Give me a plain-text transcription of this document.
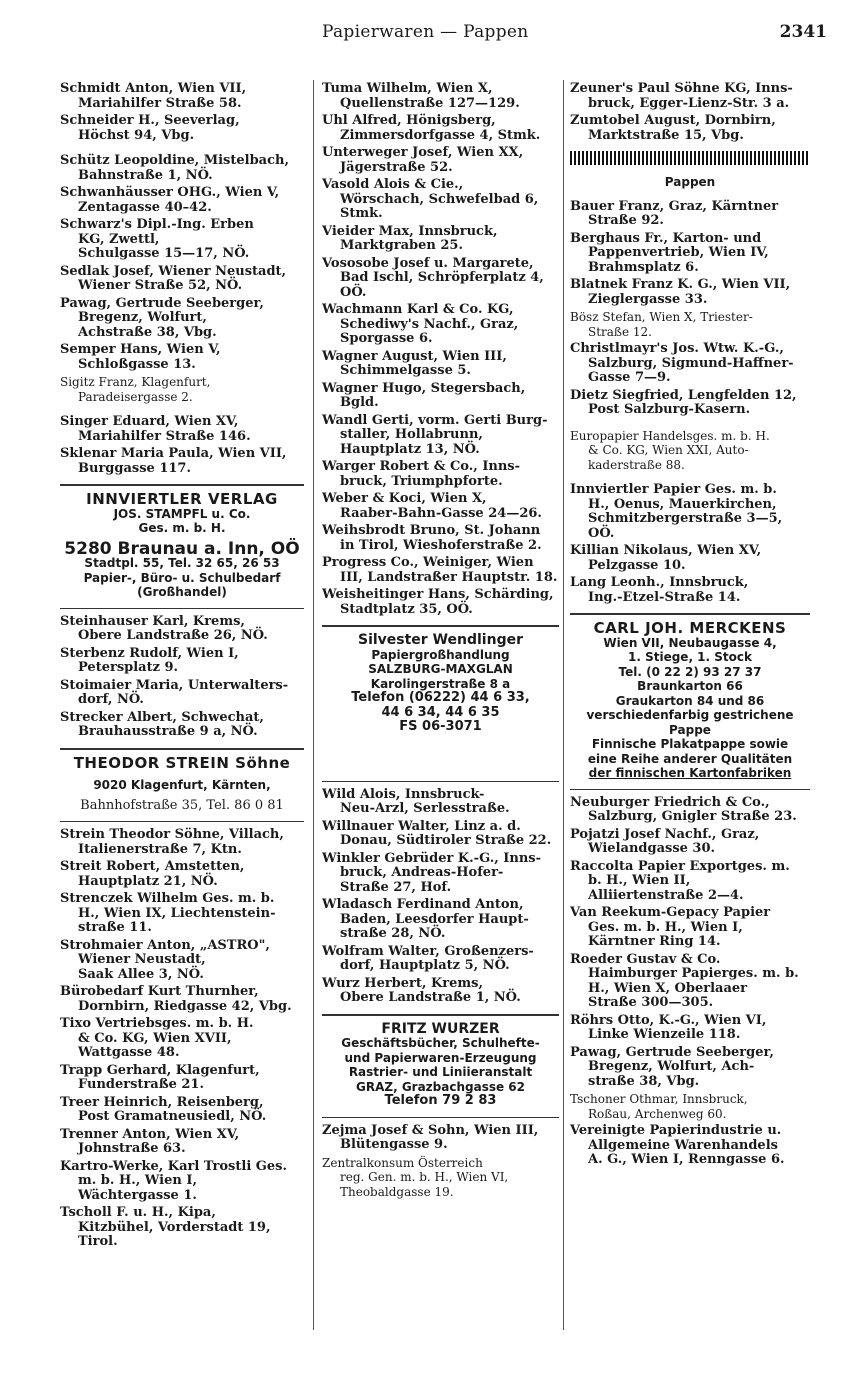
Papierwaren — Pappen	2341
Schmidt Anton, Wien VII,
Mariahilfer Straße 58.
Schneider H., Seeverlag,
Höchst 94, Vbg.
Schütz Leopoldine, Mistelbach,
Bahnstraße 1, NÖ.
Schwanhäusser OHG., Wien V,
Zentagasse 40–42.
Schwarz's Dipl.-Ing. Erben
KG, Zwettl,
Schulgasse 15—17, NÖ.
Sedlak Josef, Wiener Neustadt,
Wiener Straße 52, NÖ.
Pawag, Gertrude Seeberger,
Bregenz, Wolfurt,
Achstraße 38, Vbg.
Semper Hans, Wien V,
Schloßgasse 13.
Sigitz Franz, Klagenfurt,
Paradeisergasse 2.
Singer Eduard, Wien XV,
Mariahilfer Straße 146.
Sklenar Maria Paula, Wien VII,
Burggasse 117.
INNVIERTLER VERLAG
JOS. STAMPFL u. Co.
Ges. m. b. H.
5280 Braunau a. Inn, OÖ
Stadtpl. 55, Tel. 32 65, 26 53
Papier-, Büro- u. Schulbedarf
(Großhandel)
Steinhauser Karl, Krems,
Obere Landstraße 26, NÖ.
Sterbenz Rudolf, Wien I,
Petersplatz 9.
Stoimaier Maria, Unterwalters-
dorf, NÖ.
Strecker Albert, Schwechat,
Brauhausstraße 9 a, NÖ.
THEODOR STREIN Söhne
9020 Klagenfurt, Kärnten,
Bahnhofstraße 35, Tel. 86 0 81
Strein Theodor Söhne, Villach,
Italienerstraße 7, Ktn.
Streit Robert, Amstetten,
Hauptplatz 21, NÖ.
Strenczek Wilhelm Ges. m. b.
H., Wien IX, Liechtenstein-
straße 11.
Strohmaier Anton, „ASTRO",
Wiener Neustadt,
Saak Allee 3, NÖ.
Bürobedarf Kurt Thurnher,
Dornbirn, Riedgasse 42, Vbg.
Tixo Vertriebsges. m. b. H.
& Co. KG, Wien XVII,
Wattgasse 48.
Trapp Gerhard, Klagenfurt,
Funderstraße 21.
Treer Heinrich, Reisenberg,
Post Gramatneusiedl, NÖ.
Trenner Anton, Wien XV,
Johnstraße 63.
Kartro-Werke, Karl Trostli Ges.
m. b. H., Wien I,
Wächtergasse 1.
Tscholl F. u. H., Kipa,
Kitzbühel, Vorderstadt 19,
Tirol.
Tuma Wilhelm, Wien X,
Quellenstraße 127—129.
Uhl Alfred, Hönigsberg,
Zimmersdorfgasse 4, Stmk.
Unterweger Josef, Wien XX,
Jägerstraße 52.
Vasold Alois & Cie.,
Wörschach, Schwefelbad 6,
Stmk.
Vieider Max, Innsbruck,
Marktgraben 25.
Vososobe Josef u. Margarete,
Bad Ischl, Schröpferplatz 4,
OÖ.
Wachmann Karl & Co. KG,
Schediwy's Nachf., Graz,
Sporgasse 6.
Wagner August, Wien III,
Schimmelgasse 5.
Wagner Hugo, Stegersbach,
Bgld.
Wandl Gerti, vorm. Gerti Burg-
staller, Hollabrunn,
Hauptplatz 13, NÖ.
Warger Robert & Co., Inns-
bruck, Triumphpforte.
Weber & Koci, Wien X,
Raaber-Bahn-Gasse 24—26.
Weihsbrodt Bruno, St. Johann
in Tirol, Wieshoferstraße 2.
Progress Co., Weiniger, Wien
III, Landstraßer Hauptstr. 18.
Weisheitinger Hans, Schärding,
Stadtplatz 35, OÖ.
Silvester Wendlinger
Papiergroßhandlung
SALZBURG-MAXGLAN
Karolingerstraße 8 a
Telefon (06222) 44 6 33,
44 6 34, 44 6 35
FS 06-3071
Wild Alois, Innsbruck-
Neu-Arzl, Serlesstraße.
Willnauer Walter, Linz a. d.
Donau, Südtiroler Straße 22.
Winkler Gebrüder K.-G., Inns-
bruck, Andreas-Hofer-
Straße 27, Hof.
Wladasch Ferdinand Anton,
Baden, Leesdorfer Haupt-
straße 28, NÖ.
Wolfram Walter, Großenzers-
dorf, Hauptplatz 5, NÖ.
Wurz Herbert, Krems,
Obere Landstraße 1, NÖ.
FRITZ WURZER
Geschäftsbücher, Schulhefte-
und Papierwaren-Erzeugung
Rastrier- und Liniieranstalt
GRAZ, Grazbachgasse 62
Telefon 79 2 83
Zejma Josef & Sohn, Wien III,
Blütengasse 9.
Zentralkonsum Österreich
reg. Gen. m. b. H., Wien VI,
Theobaldgasse 19.
Zeuner's Paul Söhne KG, Inns-
bruck, Egger-Lienz-Str. 3 a.
Zumtobel August, Dornbirn,
Marktstraße 15, Vbg.
Pappen
Bauer Franz, Graz, Kärntner
Straße 92.
Berghaus Fr., Karton- und
Pappenvertrieb, Wien IV,
Brahmsplatz 6.
Blatnek Franz K. G., Wien VII,
Zieglergasse 33.
Bösz Stefan, Wien X, Triester-
Straße 12.
Christlmayr's Jos. Wtw. K.-G.,
Salzburg, Sigmund-Haffner-
Gasse 7—9.
Dietz Siegfried, Lengfelden 12,
Post Salzburg-Kasern.
Europapier Handelsges. m. b. H.
& Co. KG, Wien XXI, Auto-
kaderstraße 88.
Innviertler Papier Ges. m. b.
H., Oenus, Mauerkirchen,
Schmitzbergerstraße 3—5,
OÖ.
Killian Nikolaus, Wien XV,
Pelzgasse 10.
Lang Leonh., Innsbruck,
Ing.-Etzel-Straße 14.
CARL JOH. MERCKENS
Wien VII, Neubaugasse 4,
1. Stiege, 1. Stock
Tel. (0 22 2) 93 27 37
Braunkarton 66
Graukarton 84 und 86
verschiedenfarbig gestrichene
Pappe
Finnische Plakatpappe sowie
eine Reihe anderer Qualitäten
der finnischen Kartonfabriken
Neuburger Friedrich & Co.,
Salzburg, Gnigler Straße 23.
Pojatzi Josef Nachf., Graz,
Wielandgasse 30.
Raccolta Papier Exportges. m.
b. H., Wien II,
Alliiertenstraße 2—4.
Van Reekum-Gepacy Papier
Ges. m. b. H., Wien I,
Kärntner Ring 14.
Roeder Gustav & Co.
Haimburger Papierges. m. b.
H., Wien X, Oberlaaer
Straße 300—305.
Röhrs Otto, K.-G., Wien VI,
Linke Wienzeile 118.
Pawag, Gertrude Seeberger,
Bregenz, Wolfurt, Ach-
straße 38, Vbg.
Tschoner Othmar, Innsbruck,
Roßau, Archenweg 60.
Vereinigte Papierindustrie u.
Allgemeine Warenhandels
A. G., Wien I, Renngasse 6.
